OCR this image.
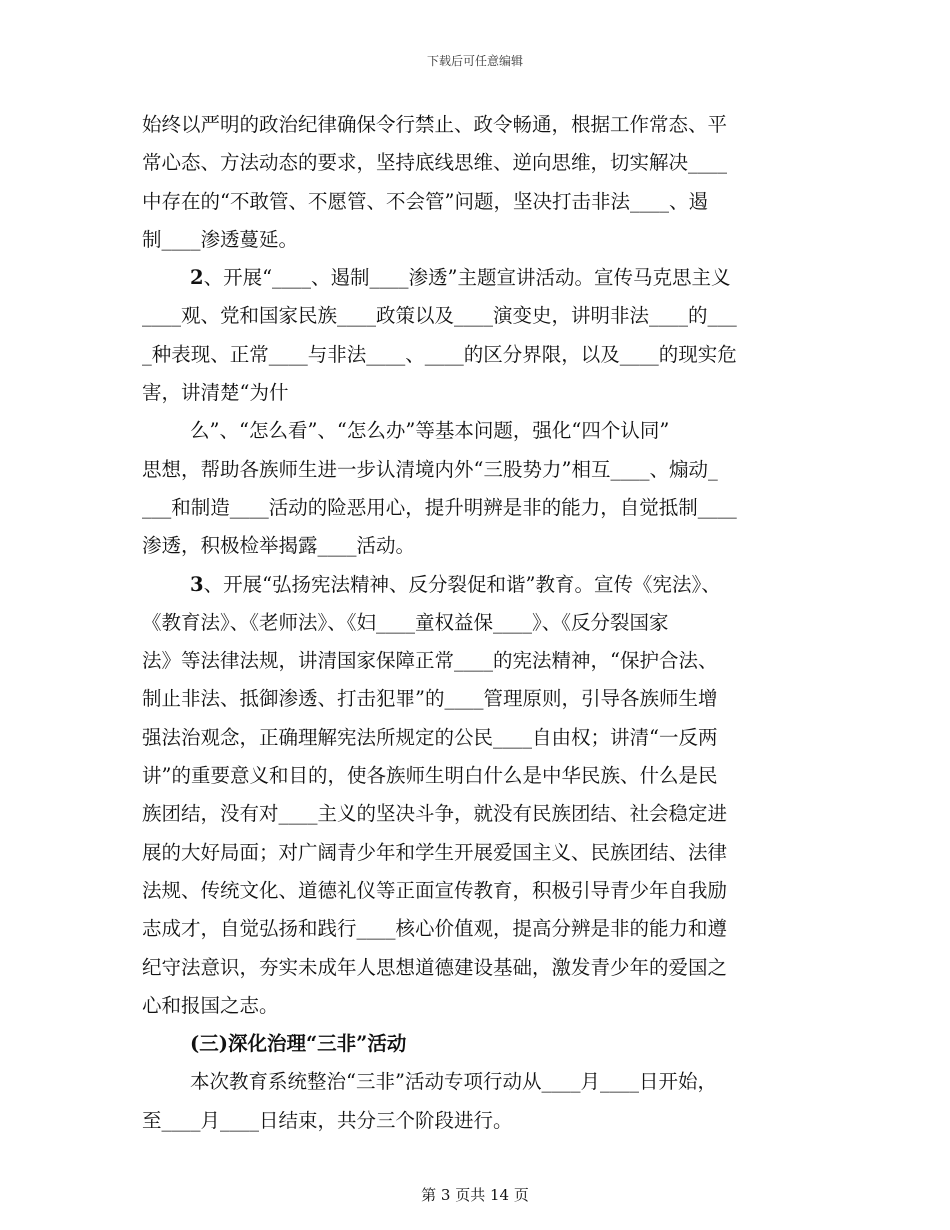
下载后可任意编辑
始终以严明的政治纪律确保令行禁止、政令畅通，根据工作常态、平
常心态、方法动态的要求，坚持底线思维、逆向思维，切实解决____
中存在的“不敢管、不愿管、不会管”问题，坚决打击非法____、遏
制____渗透蔓延。
2、开展“____、遏制____渗透”主题宣讲活动。宣传马克思主义
____观、党和国家民族____政策以及____演变史，讲明非法____的___
_种表现、正常____与非法____、____的区分界限，以及____的现实危
害，讲清楚“为什
么”、“怎么看”、“怎么办”等基本问题，强化“四个认同”
思想，帮助各族师生进一步认清境内外“三股势力”相互____、煽动_
___和制造____活动的险恶用心，提升明辨是非的能力，自觉抵制____
渗透，积极检举揭露____活动。
3、开展“弘扬宪法精神、反分裂促和谐”教育。宣传《宪法》、
《教育法》、《老师法》、《妇____童权益保____》、《反分裂国家
法》等法律法规，讲清国家保障正常____的宪法精神，“保护合法、
制止非法、抵御渗透、打击犯罪”的____管理原则，引导各族师生增
强法治观念，正确理解宪法所规定的公民____自由权；讲清“一反两
讲”的重要意义和目的，使各族师生明白什么是中华民族、什么是民
族团结，没有对____主义的坚决斗争，就没有民族团结、社会稳定进
展的大好局面；对广阔青少年和学生开展爱国主义、民族团结、法律
法规、传统文化、道德礼仪等正面宣传教育，积极引导青少年自我励
志成才，自觉弘扬和践行____核心价值观，提高分辨是非的能力和遵
纪守法意识，夯实未成年人思想道德建设基础，激发青少年的爱国之
心和报国之志。
(三)深化治理“三非”活动
本次教育系统整治“三非”活动专项行动从____月____日开始，
至____月____日结束，共分三个阶段进行。
第 3 页共 14 页
